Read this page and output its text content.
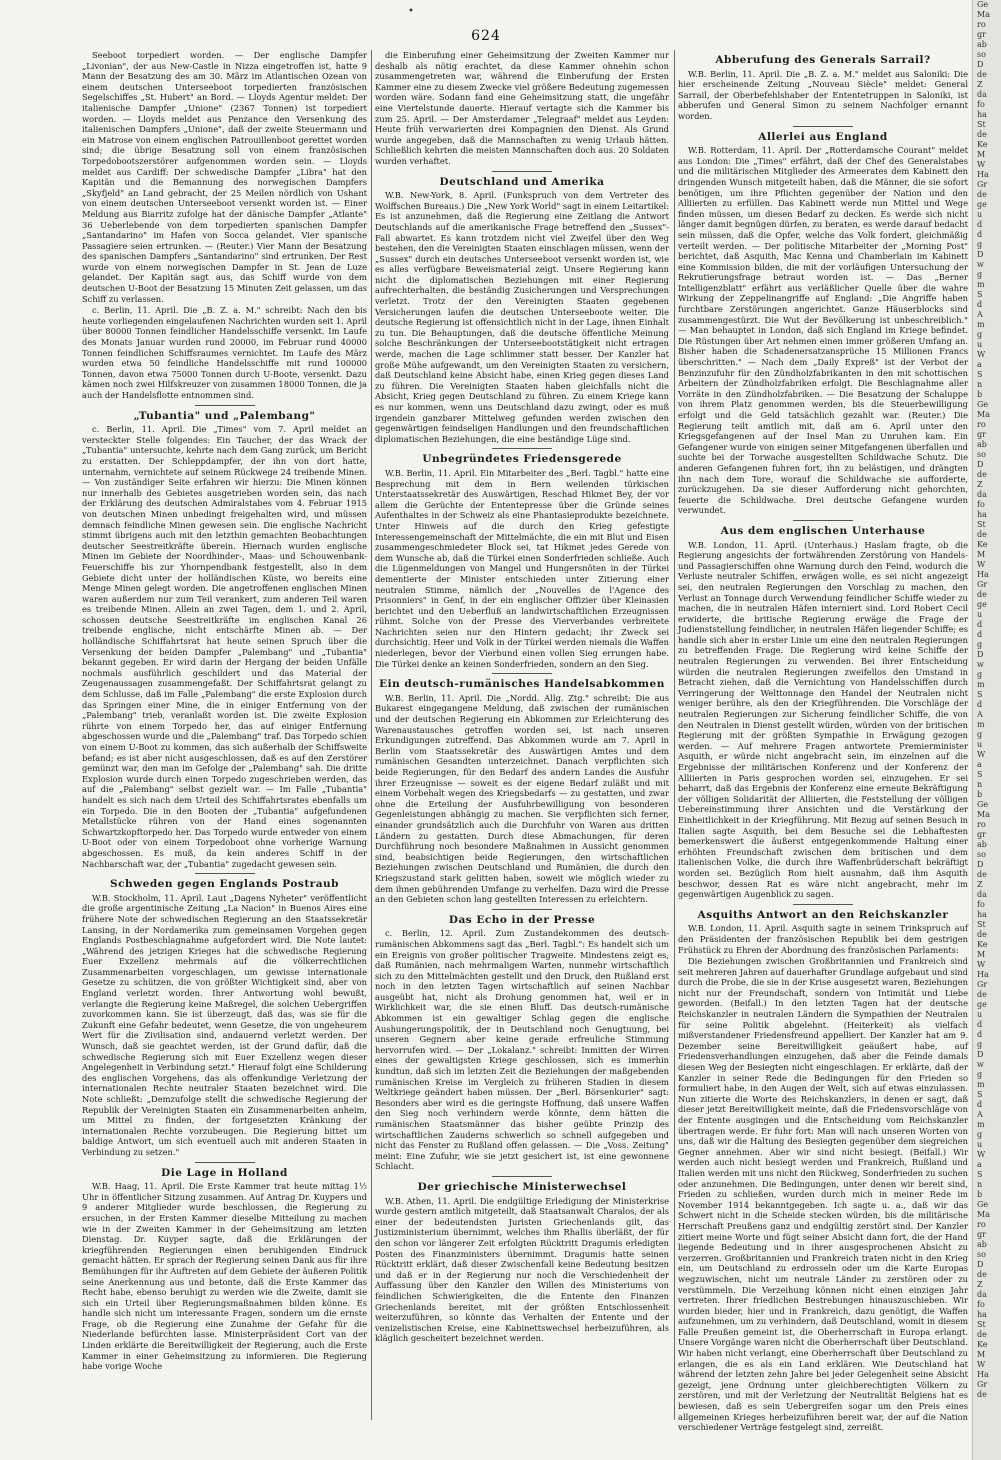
•
624

Seeboot torpediert worden. — Der englische Dampfer „Livonian", der aus New-Castle in Nizza eingetroffen ist, hatte 9 Mann der Besatzung des am 30. März im Atlantischen Ozean von einem deutschen Unterseeboot torpedierten französischen Segelschiffes „St. Hubert" an Bord. — Lloyds Agentur meldet: Der italienische Dampfer „Unione" (2367 Tonnen) ist torpediert worden. — Lloyds meldet aus Penzance den Versenkung des italienischen Dampfers „Unione", daß der zweite Steuermann und ein Matrose von einem englischen Patrouillenboot gerettet worden sind; die übrige Besatzung soll von einem französischen Torpedobootszerstörer aufgenommen worden sein. — Lloyds meldet aus Cardiff: Der schwedische Dampfer „Libra" hat den Kapitän und die Bemannung des norwegischen Dampfers „Skyfjeld" an Land gebracht, der 25 Meilen nördlich von Ushant von einem deutschen Unterseeboot versenkt worden ist. — Einer Meldung aus Biarritz zufolge hat der dänische Dampfer „Atlante" 36 Ueberlebende von dem torpedierten spanischen Dampfer „Santandarino" im Hafen von Socca gelandet. Vier spanische Passagiere seien ertrunken. — (Reuter.) Vier Mann der Besatzung des spanischen Dampfers „Santandarino" sind ertrunken. Der Rest wurde von einem norwegischen Dampfer in St. Jean de Luze gelandet. Der Kapitän sagt aus, das Schiff wurde von dem deutschen U-Boot der Besatzung 15 Minuten Zeit gelassen, um das Schiff zu verlassen.

c. Berlin, 11. April. Die „B. Z. a. M." schreibt: Nach den bis heute vorliegenden eingelaufenen Nachrichten wurden seit 1. April über 80000 Tonnen feindlicher Handelsschiffe versenkt. Im Laufe des Monats Januar wurden rund 20000, im Februar rund 40000 Tonnen feindlichen Schiffsraumes vernichtet. Im Laufe des März wurden etwa 50 feindliche Handelsschiffe mit rund 100000 Tonnen, davon etwa 75000 Tonnen durch U-Boote, versenkt. Dazu kämen noch zwei Hilfskreuzer von zusammen 18000 Tonnen, die ja auch der Handelsflotte entnommen sind.

„Tubantia" und „Palembang"

c. Berlin, 11. April. Die „Times" vom 7. April meldet an versteckter Stelle folgendes: Ein Taucher, der das Wrack der „Tubantia" untersuchte, kehrte nach dem Gang zurück, um Bericht zu erstatten. Der Schleppdampfer, der ihn von dort hatte, unternahm, vernichtete auf seinem Rückwege 24 treibende Minen. — Von zuständiger Seite erfahren wir hierzu: Die Minen können nur innerhalb des Gebietes ausgetrieben worden sein, das nach der Erklärung des deutschen Admiralstabes vom 4. Februar 1915 von deutschen Minen unbedingt freigehalten wird, und müssen demnach feindliche Minen gewesen sein. Die englische Nachricht stimmt übrigens auch mit den letzthin gemachten Beobachtungen deutscher Seestreitkräfte überein. Hiernach wurden englische Minen im Gebiete der Noordhinder-, Maas- und Schouwenbank-Feuerschiffe bis zur Yhornpendbank festgestellt, also in dem Gebiete dicht unter der holländischen Küste, wo bereits eine Menge Minen gelegt worden. Die angetroffenen englischen Minen waren außerdem nur zum Teil verankert, zum anderen Teil waren es treibende Minen. Allein an zwei Tagen, dem 1. und 2. April, schossen deutsche Seestreitkräfte im englischen Kanal 26 treibende englische, nicht entschärfte Minen ab. — Der holländische Schiffahrtsrat hat heute seinen Spruch über die Versenkung der beiden Dampfer „Palembang" und „Tubantia" bekannt gegeben. Er wird darin der Hergang der beiden Unfälle nochmals ausführlich geschildert und das Material der Zeugenaussagen zusammengefaßt. Der Schiffahrtsrat gelangt zu dem Schlusse, daß im Falle „Palembang" die erste Explosion durch das Springen einer Mine, die in einiger Entfernung von der „Palembang" trieb, veranlaßt worden ist. Die zweite Explosion rührte von einem Torpedo her, das auf einiger Entfernung abgeschossen wurde und die „Palembang" traf. Das Torpedo schien von einem U-Boot zu kommen, das sich außerhalb der Schiffsweite befand; es ist aber nicht ausgeschlossen, daß es auf den Zerstörer gemünzt war, den man im Gefolge der „Palembang" sah. Die dritte Explosion wurde durch einen Torpedo zugeschrieben werden, das auf die „Palembang" selbst gezielt war. — Im Falle „Tubantia" handelt es sich nach dem Urteil des Schiffahrtsrates ebenfalls um ein Torpedo. Die in den Booten der „Tubantia" aufgefundenen Metallstücke rühren von der Hand eines sogenannten Schwartzkopftorpedo her. Das Torpedo wurde entweder von einem U-Boot oder von einem Torpedoboot ohne vorherige Warnung abgeschossen. Es muß, da kein anderes Schiff in der Nachbarschaft war, der „Tubantia" zugedacht gewesen sein.

Schweden gegen Englands Postraub

W.B. Stockholm, 11. April. Laut „Dagens Nyheter" veröffentlicht die große argentinische Zeitung „La Nacion" in Buenos Aires eine frühere Note der schwedischen Regierung an den Staatssekretär Lansing, in der Nordamerika zum gemeinsamen Vorgehen gegen Englands Postbeschlagnahme aufgefordert wird. Die Note lautet: „Während des jetzigen Krieges hat die schwedische Regierung Euer Exzellenz mehrmals auf die völkerrechtlichen Zusammenarbeiten vorgeschlagen, um gewisse internationale Gesetze zu schützen, die von größter Wichtigkeit sind, aber von England verletzt worden. Ihrer Antwortung wohl bewußt, verlangte die Regierung keine Maßregel, die solchen Uebergriffen zuvorkommen kann. Sie ist überzeugt, daß das, was sie für die Zukunft eine Gefahr bedeutet, wenn Gesetze, die von ungeheurem Wert für die Zivilisation sind, andauernd verletzt werden. Der Wunsch, daß sie geachtet werden, ist der Grund dafür, daß die schwedische Regierung sich mit Euer Exzellenz wegen dieser Angelegenheit in Verbindung setzt." Hierauf folgt eine Schilderung des englischen Vorgehens, das als offenkundige Verletzung der internationalen Rechte neutraler Staaten bezeichnet wird. Die Note schließt: „Demzufolge stellt die schwedische Regierung der Republik der Vereinigten Staaten ein Zusammenarbeiten anheim, um Mittel zu finden, der fortgesetzten Kränkung der internationalen Rechte vorzubeugen. Die Regierung bittet um baldige Antwort, um sich eventuell auch mit anderen Staaten in Verbindung zu setzen."

Die Lage in Holland

W.B. Haag, 11. April. Die Erste Kammer trat heute mittag 1½ Uhr in öffentlicher Sitzung zusammen. Auf Antrag Dr. Kuypers und 9 anderer Mitglieder wurde beschlossen, die Regierung zu ersuchen, in der Ersten Kammer dieselbe Mitteilung zu machen wie in der Zweiten Kammer in der Geheimsitzung am letzten Dienstag. Dr. Kuyper sagte, daß die Erklärungen der kriegführenden Regierungen einen beruhigenden Eindruck gemacht hätten. Er sprach der Regierung seinen Dank aus für ihre Bemühungen für ihr Auftreten auf dem Gebiete der äußeren Politik seine Anerkennung aus und betonte, daß die Erste Kammer das Recht habe, ebenso beruhigt zu werden wie die Zweite, damit sie sich ein Urteil über Regierungsmaßnahmen bilden könne. Es handle sich nicht um interessante Fragen, sondern um die ernste Frage, ob die Regierung eine Zunahme der Gefahr für die Niederlande befürchten lasse. Ministerpräsident Cort van der Linden erklärte die Bereitwilligkeit der Regierung, auch die Erste Kammer in einer Geheimsitzung zu informieren. Die Regierung habe vorige Woche

die Einberufung einer Geheimsitzung der Zweiten Kammer nur deshalb als nötig erachtet, da diese Kammer ohnehin schon zusammengetreten war, während die Einberufung der Ersten Kammer eine zu diesem Zwecke viel größere Bedeutung zugemessen worden wäre. Sodann fand eine Geheimsitzung statt, die ungefähr eine Viertelstunde dauerte. Hierauf vertagte sich die Kammer bis zum 25. April. — Der Amsterdamer „Telegraaf" meldet aus Leyden: Heute früh verwarierten drei Kompagnien den Dienst. Als Grund wurde angegeben, daß die Mannschaften zu wenig Urlaub hätten. Schließlich kehrten die meisten Mannschaften doch aus. 20 Soldaten wurden verhaftet.

Deutschland und Amerika

W.B. New-York, 8. April. (Funkspruch von dem Vertreter des Wolffschen Bureaus.) Die „New York World" sagt in einem Leitartikel: Es ist anzunehmen, daß die Regierung eine Zeitlang die Antwort Deutschlands auf die amerikanische Frage betreffend den „Sussex"-Fall abwartet. Es kann trotzdem nicht viel Zweifel über den Weg bestehen, den die Vereinigten Staaten einschlagen müssen, wenn der „Sussex" durch ein deutsches Unterseeboot versenkt worden ist, wie es alles verfügbare Beweismaterial zeigt. Unsere Regierung kann nicht die diplomatischen Beziehungen mit einer Regierung aufrechterhalten, die beständig Zusicherungen und Versprechungen verletzt. Trotz der den Vereinigten Staaten gegebenen Versicherungen laufen die deutschen Unterseeboote weiter. Die deutsche Regierung ist offensichtlich nicht in der Lage, ihnen Einhalt zu tun. Die Behauptungen, daß die deutsche öffentliche Meinung solche Beschränkungen der Unterseebootstätigkeit nicht ertragen werde, machen die Lage schlimmer statt besser. Der Kanzler hat große Mühe aufgewandt, um den Vereinigten Staaten zu versichern, daß Deutschland keine Absicht habe, einen Krieg gegen dieses Land zu führen. Die Vereinigten Staaten haben gleichfalls nicht die Absicht, Krieg gegen Deutschland zu führen. Zu einem Kriege kann es nur kommen, wenn uns Deutschland dazu zwingt, oder es muß irgendein ganzbarer Mittelweg gefunden werden zwischen den gegenwärtigen feindseligen Handlungen und den freundschaftlichen diplomatischen Beziehungen, die eine beständige Lüge sind.

Unbegründetes Friedensgerede

W.B. Berlin, 11. April. Ein Mitarbeiter des „Berl. Tagbl." hatte eine Besprechung mit dem in Bern weilenden türkischen Unterstaatssekretär des Auswärtigen, Reschad Hikmet Bey, der vor allem die Gerüchte der Ententepresse über die Gründe seines Aufenthaltes in der Schweiz als eine Phantasieprodukte bezeichnete. Unter Hinweis auf die durch den Krieg gefestigte Interessengemeinschaft der Mittelmächte, die ein mit Blut und Eisen zusammengeschmiedeter Block sei, tat Hikmet jedes Gerede von dem Wunsche ab, daß die Türkei einen Sonderfrieden schließe. Auch die Lügenmeldungen von Mangel und Hungersnöten in der Türkei dementierte der Minister entschieden unter Zitierung einer neutralen Stimme, nämlich der „Nouvelles de l'Agence des Prisonniers" in Genf, in der ein englischer Offizier über Kleinasien berichtet und den Ueberfluß an landwirtschaftlichen Erzeugnissen rühmt. Solche von der Presse des Vierverbandes verbreitete Nachrichten seien nur den Hintern gedacht; ihr Zweck sei durchsichtig. Heer und Volk in der Türkei werden niemals die Waffen niederlegen, bevor der Vierbund einen vollen Sieg errungen habe. Die Türkei denke an keinen Sonderfrieden, sondern an den Sieg.

Ein deutsch-rumänisches Handelsabkommen

W.B. Berlin, 11. April. Die „Nordd. Allg. Ztg." schreibt: Die aus Bukarest eingegangene Meldung, daß zwischen der rumänischen und der deutschen Regierung ein Abkommen zur Erleichterung des Warenaustausches getroffen worden sei, ist nach unseren Erkundigungen zutreffend. Das Abkommen wurde am 7. April in Berlin vom Staatssekretär des Auswärtigen Amtes und dem rumänischen Gesandten unterzeichnet. Danach verpflichten sich beide Regierungen, für den Bedarf des andern Landes die Ausfuhr ihrer Erzeugnisse — soweit es der eigene Bedarf zuläßt und mit einem Vorbehalt wegen des Kriegsbedarfs — zu gestatten, und zwar ohne die Erteilung der Ausfuhrbewilligung von besonderen Gegenleistungen abhängig zu machen. Sie verpflichten sich ferner, einander grundsätzlich auch die Durchfuhr von Waren aus dritten Ländern zu gestatten. Durch diese Abmachungen, für deren Durchführung noch besondere Maßnahmen in Aussicht genommen sind, beabsichtigen beide Regierungen, den wirtschaftlichen Beziehungen zwischen Deutschland und Rumänien, die durch den Kriegszustand stark gelitten haben, soweit wie möglich wieder zu dem ihnen gebührenden Umfange zu verhelfen. Dazu wird die Presse an den Gebieten schon lang gestellten Interessen zu erleichtern.

Das Echo in der Presse

c. Berlin, 12. April. Zum Zustandekommen des deutsch-rumänischen Abkommens sagt das „Berl. Tagbl.": Es handelt sich um ein Ereignis von großer politischer Tragweite. Mindestens zeigt es, daß Rumänien, nach mehrmaligem Warten, nunmehr wirtschaftlich sich zu den Mittelmächten gestellt und den Druck, den Rußland erst noch in den letzten Tagen wirtschaftlich auf seinen Nachbar ausgeübt hat, nicht als Drohung genommen hat, weil er in Wirklichkeit war, die sie einen Bluff. Das deutsch-rumänische Abkommen ist ein gewaltiger Schlag gegen die englische Aushungerungspolitik, der in Deutschland noch Genugtuung, bei unseren Gegnern aber keine gerade erfreuliche Stimmung hervorrufen wird. — Der „Lokalanz." schreibt: Inmitten der Wirren eines der gewaltigsten Kriege geschlossen, sich es immerhin kundtun, daß sich im letzten Zeit die Beziehungen der maßgebenden rumänischen Kreise im Vergleich zu früheren Stadien in diesem Weltkriege geändert haben müssen. Der „Berl. Börsenkurier" sagt: Besonders aber wird es die geringste Hoffnung, daß unsere Waffen den Sieg noch verhindern werde könnte, denn hätten die rumänischen Staatsmänner das bisher geübte Prinzip des wirtschaftlichen Zauderns schwerlich so schnell aufgegeben und nicht das Fenster zu Rußland offen gelassen. — Die „Voss. Zeitung" meint: Eine Zufuhr, wie sie jetzt gesichert ist, ist eine gewonnene Schlacht.

Der griechische Ministerwechsel

W.B. Athen, 11. April. Die endgültige Erledigung der Ministerkrise wurde gestern amtlich mitgeteilt, daß Staatsanwalt Charalos, der als einer der bedeutendsten Juristen Griechenlands gilt, das Justizministerium übernimmt, welches ihm Rhallis überläßt, der für den schon vor längerer Zeit erfolgten Rücktritt Dragumis erledigten Posten des Finanzministers übernimmt. Dragumis hatte seinen Rücktritt erklärt, daß dieser Zwischenfall keine Bedeutung besitzen und daß er in der Regierung nur noch die Verschiedenheit der Auffassung über den Kanzler den Willen des Ministeriums von feindlichen Schwierigkeiten, die die Entente den Finanzen Griechenlands bereitet, mit der größten Entschlossenheit weiterzuführen, so könnte das Verhalten der Entente und der venizelistischen Kreise, eine Kabinettswechsel herbeizuführen, als kläglich gescheitert bezeichnet werden.

Abberufung des Generals Sarrail?

W.B. Berlin, 11. April. Die „B. Z. a. M." meldet aus Saloniki: Die hier erscheinende Zeitung „Nouveau Siècle" meldet: General Sarrail, der Oberbefehlshaber der Ententetruppen in Saloniki, ist abberufen und General Simon zu seinem Nachfolger ernannt worden.

Allerlei aus England

W.B. Rotterdam, 11. April. Der „Rotterdamsche Courant" meldet aus London: Die „Times" erfährt, daß der Chef des Generalstabes und die militärischen Mitglieder des Armeerates dem Kabinett den dringenden Wunsch mitgeteilt haben, daß die Männer, die sie sofort benötigen, um ihre Pflichten gegenüber der Nation und den Alliierten zu erfüllen. Das Kabinett werde nun Mittel und Wege finden müssen, um diesen Bedarf zu decken. Es werde sich nicht länger damit begnügen dürfen, zu beraten, es werde darauf bedacht sein müssen, daß die Opfer, welche das Volk fordert, gleichmäßig verteilt werden. — Der politische Mitarbeiter der „Morning Post" berichtet, daß Asquith, Mac Kenna und Chamberlain im Kabinett eine Kommission bilden, die mit der vorläufigen Untersuchung der Rekrutierungsfrage betraut worden ist. — Das „Berner Intelligenzblatt" erfährt aus verläßlicher Quelle über die wahre Wirkung der Zeppelinangriffe auf England: „Die Angriffe haben furchtbare Zerstörungen angerichtet. Ganze Häuserblocks sind zusammengestürzt. Die Wut der Bevölkerung ist unbeschreiblich." — Man behauptet in London, daß sich England im Kriege befindet. Die Rüstungen über Art nehmen einen immer größeren Umfang an. Bisher haben die Schadenersatzansprüche 15 Millionen Francs überschritten." — Nach dem „Daily Expreß" ist der Verbot der Benzinzufuhr für den Zündholzfabrikanten in den mit schottischen Arbeitern der Zündholzfabriken erfolgt. Die Beschlagnahme aller Vorräte in den Zündholzfabriken. — Die Besatzung der Schaluppe von ihrem Platz genommen werden, bis die Steuerbewilligung erfolgt und die Geld tatsächlich gezahlt war. (Reuter.) Die Regierung teilt amtlich mit, daß am 6. April unter den Kriegsgefangenen auf der Insel Man zu Unruhen kam. Ein Gefangener wurde von einigen seiner Mitgefangenen überfallen und suchte bei der Torwache ausgestellten Schildwache Schutz. Die anderen Gefangenen fuhren fort, ihn zu belästigen, und drängten ihn nach dem Tore, worauf die Schildwache sie aufforderte, zurückzugehen. Da sie dieser Aufforderung nicht gehorchten, feuerte die Schildwache. Drei deutsche Gefangene wurden verwundet.

Aus dem englischen Unterhause

W.B. London, 11. April. (Unterhaus.) Haslam fragte, ob die Regierung angesichts der fortwährenden Zerstörung von Handels- und Passagierschiffen ohne Warnung durch den Feind, wodurch die Verluste neutraler Schiffen, erwägen wolle, es sei nicht angezeigt sei, den neutralen Regierungen den Vorschlag zu machen, den Verlust an Tonnage durch Verwendung feindlicher Schiffe wieder zu machen, die in neutralen Häfen interniert sind. Lord Robert Cecil erwiderte, die britische Regierung erwäge die Frage der Judienststellung feindlicher, in neutralen Häfen liegender Schiffe; es handle sich aber in erster Linie um eine den neutralen Regierungen zu betreffenden Frage. Die Regierung wird keine Schiffe der neutralen Regierungen zu verwenden. Bei ihrer Entscheidung würden die neutralen Regierungen zweifellos den Umstand in Betracht ziehen, daß die Vernichtung von Handelsschiffen durch Verringerung der Welttonnage den Handel der Neutralen nicht weniger berühre, als den der Kriegführenden. Die Vorschläge der neutralen Regierungen zur Sicherung feindlicher Schiffe, die von den Neutralen in Dienst gestellt würden, würden von der britischen Regierung mit der größten Sympathie in Erwägung gezogen werden. — Auf mehrere Fragen antwortete Premierminister Asquith, er würde nicht angebracht sein, im einzelnen auf die Ergebnisse der militärischen Konferenz und der Konferenz der Alliierten in Paris gesprochen worden sei, einzugehen. Er sei beharrt, daß das Ergebnis der Konferenz eine erneute Bekräftigung der völligen Solidarität der Alliierten, die Feststellung der völligen Uebereinstimmung ihrer Ansichten und die Verstärkung der Einheitlichkeit in der Kriegführung. Mit Bezug auf seinen Besuch in Italien sagte Asquith, bei dem Besuche sei die Lebhaftesten bemerkenswert die äußerst entgegenkommende Haltung einer erhöhten Freundschaft zwischen dem britischen und dem italienischen Volke, die durch ihre Waffenbrüderschaft bekräftigt worden sei. Bezüglich Rom hielt ausnahm, daß ihm Asquith beschwor, dessen Rat es wäre nicht angebracht, mehr im gegenwärtigen Augenblick zu sagen.

Asquiths Antwort an den Reichskanzler

W.B. London, 11. April. Asquith sagte in seinem Trinkspruch auf den Präsidenten der französischen Republik bei dem gestrigen Frühstück zu Ehren der Abordnung des französischen Parlaments:

Die Beziehungen zwischen Großbritannien und Frankreich sind seit mehreren Jahren auf dauerhafter Grundlage aufgebaut und sind durch die Probe, die sie in der Krise ausgesetzt waren, Beziehungen nicht nur der Freundschaft, sondern von Intimität und Liebe geworden. (Beifall.) In den letzten Tagen hat der deutsche Reichskanzler in neutralen Ländern die Sympathien der Neutralen für seine Politik abgelehnt. (Heiterkeit) als vielfach mißverstandener Friedensfreund appelliert. Der Kanzler hat am 9. Dezember seine Bereitwilligkeit geäußert habe, auf Friedensverhandlungen einzugehen, daß aber die Feinde damals diesen Weg der Besiegten nicht eingeschlagen. Er erklärte, daß der Kanzler in seiner Rede die Bedingungen für den Frieden so formuliert habe, in den Augen der Welt, sich auf etwas einzulassen. Nun zitierte die Worte des Reichskanzlers, in denen er sagt, daß dieser jetzt Bereitwilligkeit meinte, daß die Friedensvorschläge von der Entente ausgingen und die Entscheidung vom Reichskanzler übertragen werde. Er fuhr fort: Man will nach unseren Worten von uns, daß wir die Haltung des Besiegten gegenüber dem siegreichen Gegner annehmen. Aber wir sind nicht besiegt. (Beifall.) Wir werden auch nicht besiegt werden und Frankreich, Rußland und Italien werden mit uns nicht den Rückweg, Sonderfrieden zu suchen oder anzunehmen. Die Bedingungen, unter denen wir bereit sind, Frieden zu schließen, wurden durch mich in meiner Rede im November 1914 bekanntgegeben. Ich sagte u. a., daß wir das Schwert nicht in die Scheide stecken würden, bis die militärische Herrschaft Preußens ganz und endgültig zerstört sind. Der Kanzler zitiert meine Worte und fügt seiner Absicht dann fort, die der Hand liegende Bedeutung und in ihrer ausgesprochenen Absicht zu verzerren. Großbritannien und Frankreich traten nicht in den Krieg ein, um Deutschland zu erdrosseln oder um die Karte Europas wegzuwischen, nicht um neutrale Länder zu zerstören oder zu verstümmeln. Die Verzeihung können nicht einen einzigen Jahr vertreten. Ihrer friedlichen Bestrebungen hinauszuschieben. Wir wurden bieder, hier und in Frankreich, dazu genötigt, die Waffen aufzunehmen, um zu verhindern, daß Deutschland, womit in diesem Falle Preußen gemeint ist, die Oberherrschaft in Europa erlangt. Unsere Vorgänge waren nicht die Oberherrschaft über Deutschland. Wir haben nicht verlangt, eine Oberherrschaft über Deutschland zu erlangen, die es als ein Land erklären. Wie Deutschland hat während der letzten zehn Jahre bei jeder Gelegenheit seine Absicht gezeigt, jene Ordnung unter gleichberechtigten Völkern zu zerstören, und mit der Verletzung der Neutralität Belgiens hat es bewiesen, daß es sein Uebergreifen sogar um den Preis eines allgemeinen Krieges herbeizuführen bereit war, der auf die Nation verschiedener Verträge festgelegt sind, zerreißt.

Ge
Ma
ro
gr
ab
so
D
de
Z
da
fo
ha
St
de
Ke
M
W
Ha
Gr
de
ge
u
d
d
g
D
w
g
m
S
d
A
m
g
u
W
a
S
n
b
Ge
Ma
ro
gr
ab
so
D
de
Z
da
fo
ha
St
de
Ke
M
W
Ha
Gr
de
ge
u
d
d
g
D
w
g
m
S
d
A
m
g
u
W
a
S
n
b
Ge
Ma
ro
gr
ab
so
D
de
Z
da
fo
ha
St
de
Ke
M
W
Ha
Gr
de
ge
u
d
d
g
D
w
g
m
S
d
A
m
g
u
W
a
S
n
b
Ge
Ma
ro
gr
ab
so
D
de
Z
da
fo
ha
St
de
Ke
M
W
Ha
Gr
de
